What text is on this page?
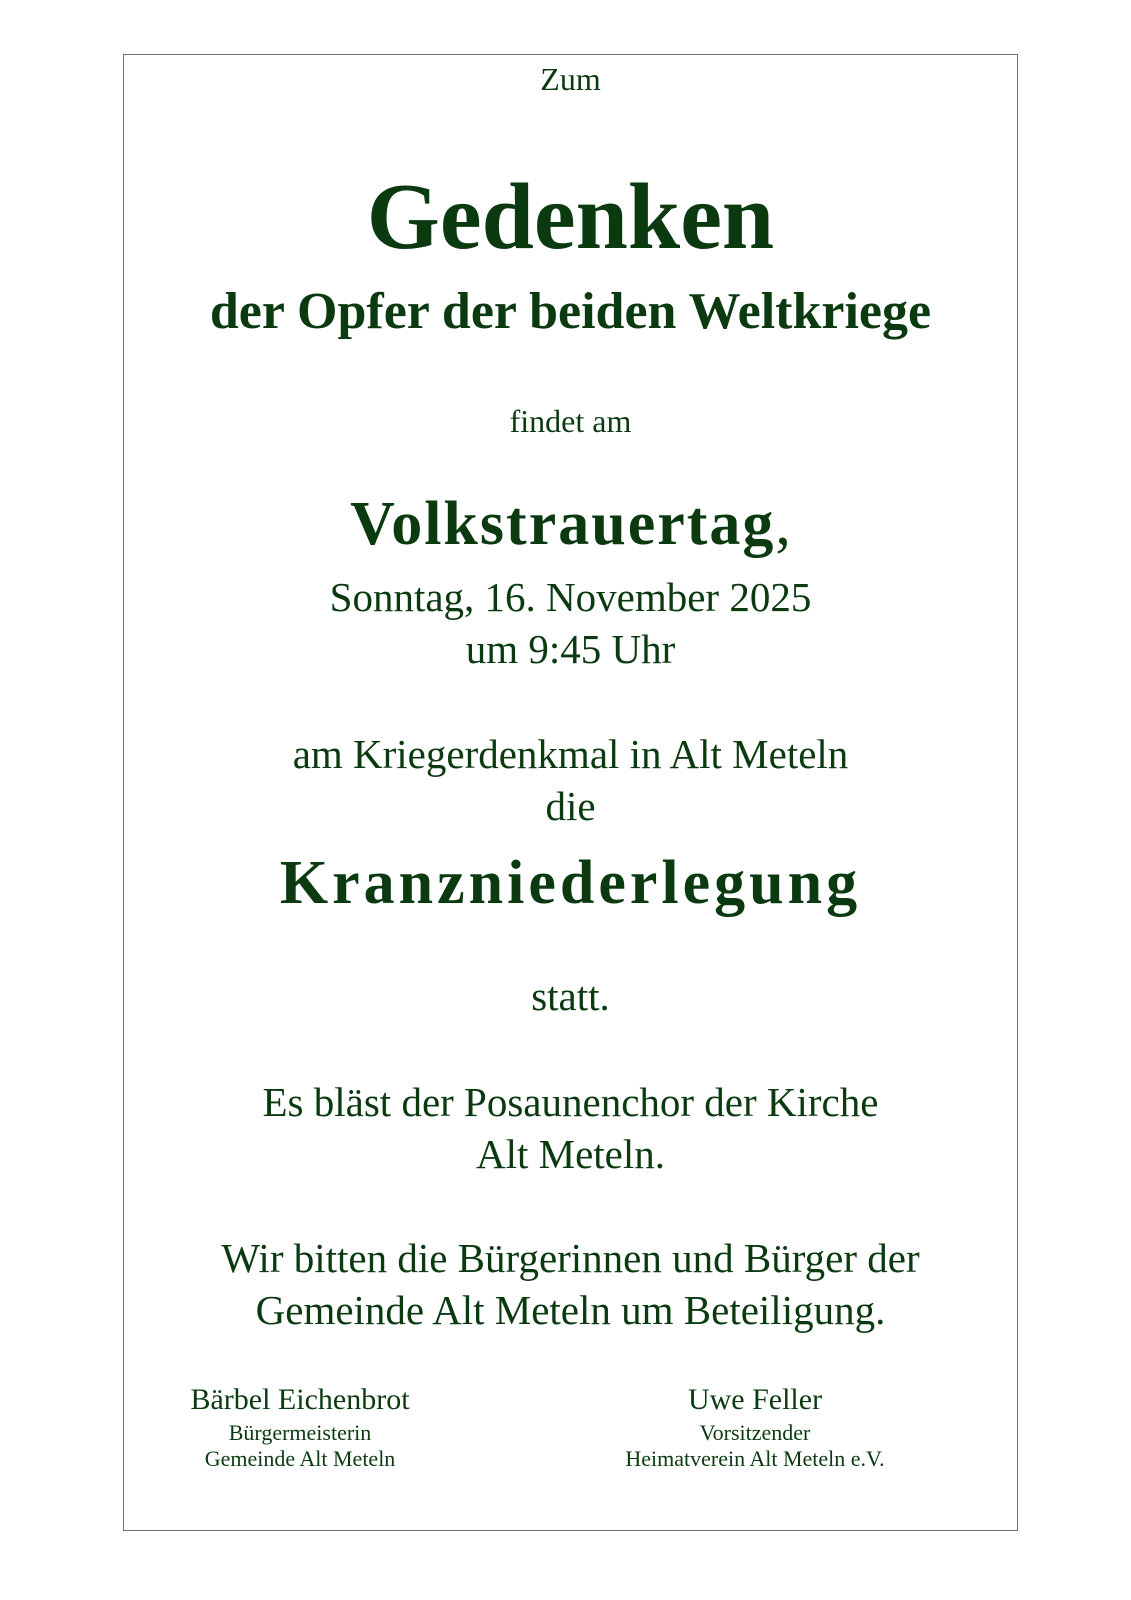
Zum

Gedenken

der Opfer der beiden Weltkriege

findet am

Volkstrauertag,

Sonntag, 16. November 2025

um 9:45 Uhr

am Kriegerdenkmal in Alt Meteln

die

Kranzniederlegung

statt.

Es bläst der Posaunenchor der Kirche

Alt Meteln.

Wir bitten die Bürgerinnen und Bürger der

Gemeinde Alt Meteln um Beteiligung.

Bärbel Eichenbrot
Bürgermeisterin
Gemeinde Alt Meteln
Uwe Feller
Vorsitzender
Heimatverein Alt Meteln e.V.
